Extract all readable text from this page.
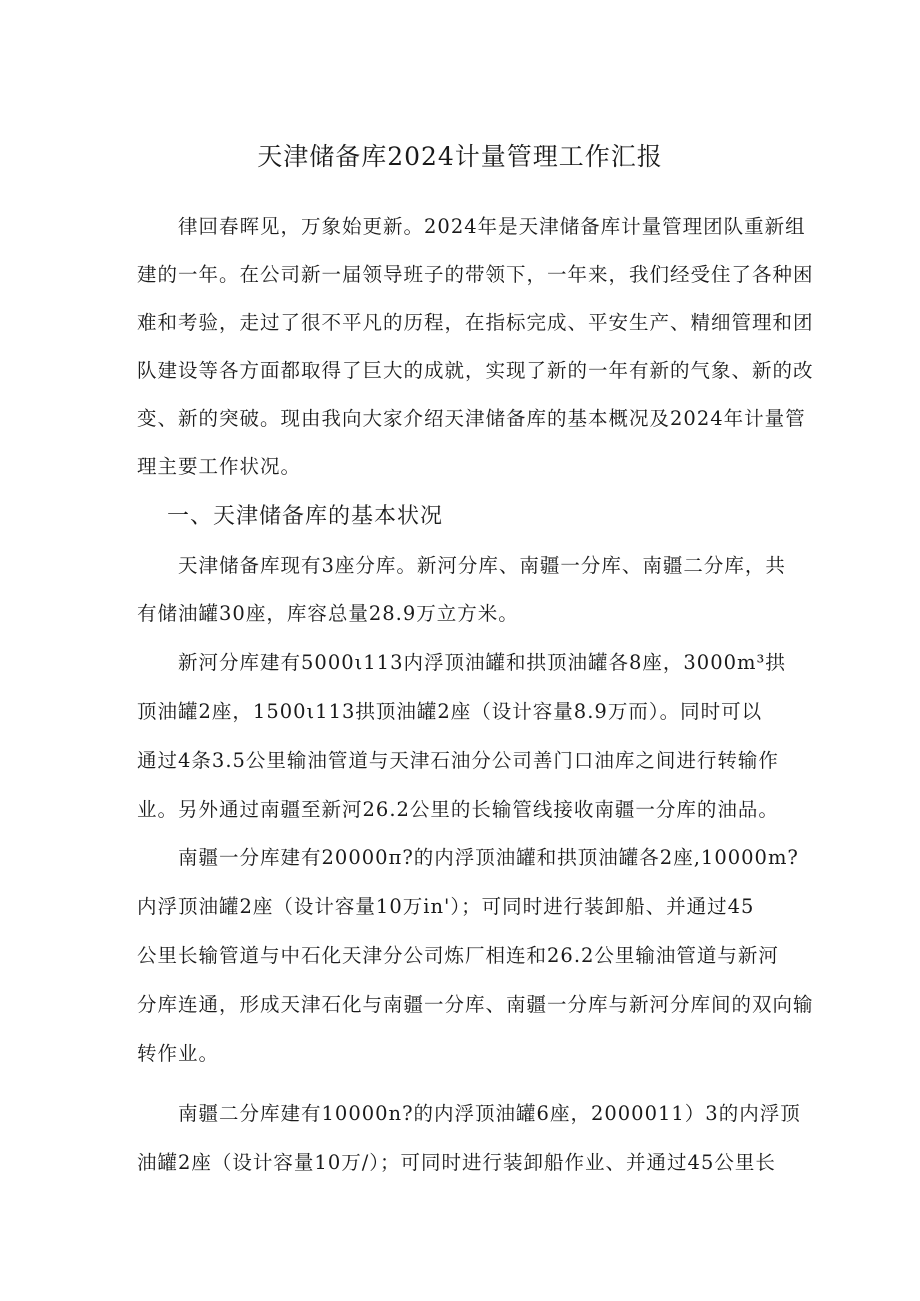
天津储备库2024计量管理工作汇报
　　律回春晖见，万象始更新。2024年是天津储备库计量管理团队重新组
建的一年。在公司新一届领导班子的带领下，一年来，我们经受住了各种困
难和考验，走过了很不平凡的历程，在指标完成、平安生产、精细管理和团
队建设等各方面都取得了巨大的成就，实现了新的一年有新的气象、新的改
变、新的突破。现由我向大家介绍天津储备库的基本概况及2024年计量管
理主要工作状况。
一、天津储备库的基本状况
　　天津储备库现有3座分库。新河分库、南疆一分库、南疆二分库，共
有储油罐30座，库容总量28.9万立方米。
　　新河分库建有5000ι113内浮顶油罐和拱顶油罐各8座，3000m³拱
顶油罐2座，1500ι113拱顶油罐2座（设计容量8.9万而）。同时可以
通过4条3.5公里输油管道与天津石油分公司善门口油库之间进行转输作
业。另外通过南疆至新河26.2公里的长输管线接收南疆一分库的油品。
　　南疆一分库建有20000π?的内浮顶油罐和拱顶油罐各2座,10000m?
内浮顶油罐2座（设计容量10万in'）；可同时进行装卸船、并通过45
公里长输管道与中石化天津分公司炼厂相连和26.2公里输油管道与新河
分库连通，形成天津石化与南疆一分库、南疆一分库与新河分库间的双向输
转作业。
　　南疆二分库建有10000n?的内浮顶油罐6座，2000011）3的内浮顶
油罐2座（设计容量10万/）；可同时进行装卸船作业、并通过45公里长
